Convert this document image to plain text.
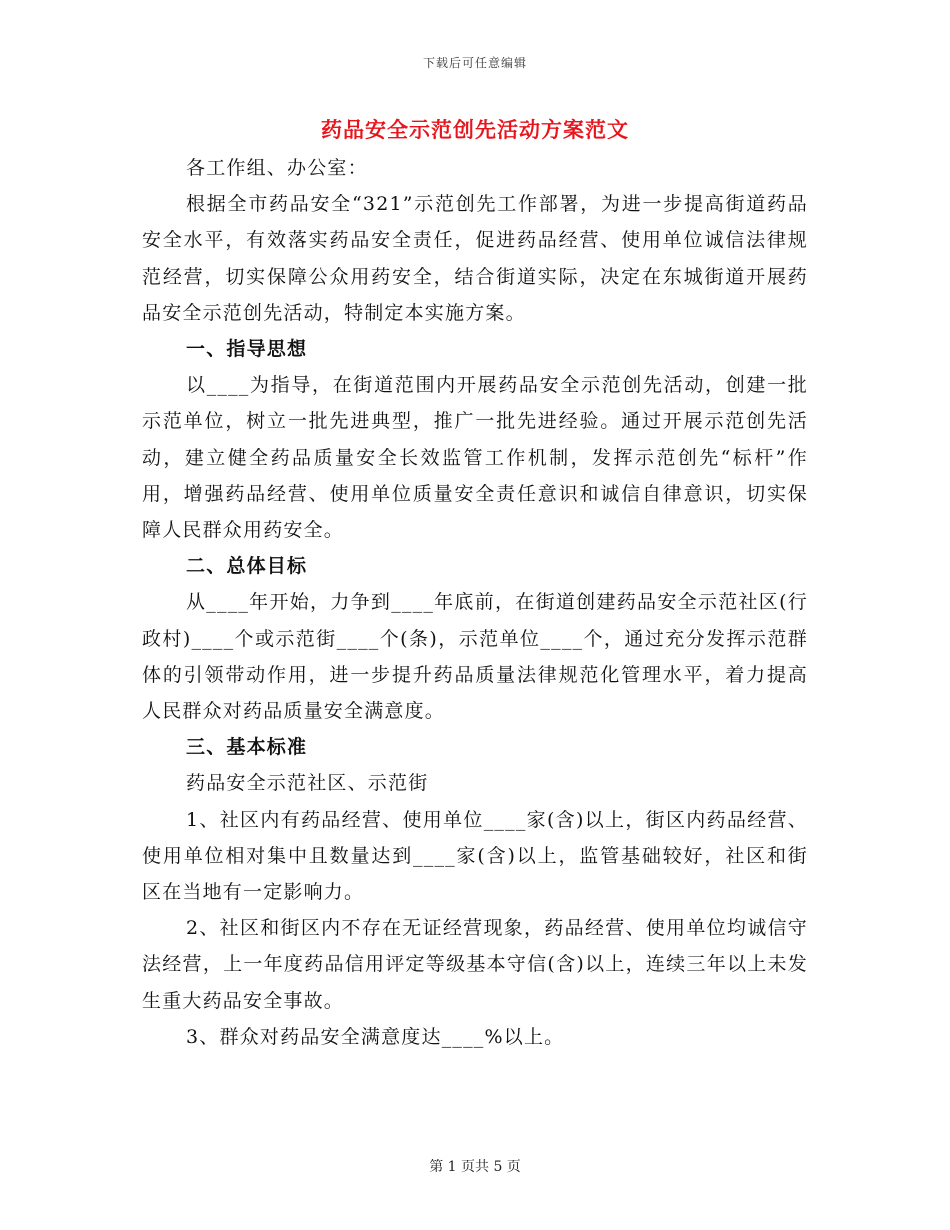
下载后可任意编辑
药品安全示范创先活动方案范文

各工作组、办公室：

根据全市药品安全“321”示范创先工作部署，为进一步提高街道药品安全水平，有效落实药品安全责任，促进药品经营、使用单位诚信法律规范经营，切实保障公众用药安全，结合街道实际，决定在东城街道开展药品安全示范创先活动，特制定本实施方案。

一、指导思想

以____为指导，在街道范围内开展药品安全示范创先活动，创建一批示范单位，树立一批先进典型，推广一批先进经验。通过开展示范创先活动，建立健全药品质量安全长效监管工作机制，发挥示范创先“标杆”作用，增强药品经营、使用单位质量安全责任意识和诚信自律意识，切实保障人民群众用药安全。

二、总体目标

从____年开始，力争到____年底前，在街道创建药品安全示范社区(行政村)____个或示范街____个(条)，示范单位____个，通过充分发挥示范群体的引领带动作用，进一步提升药品质量法律规范化管理水平，着力提高人民群众对药品质量安全满意度。

三、基本标准

药品安全示范社区、示范街

1、社区内有药品经营、使用单位____家(含)以上，街区内药品经营、使用单位相对集中且数量达到____家(含)以上，监管基础较好，社区和街区在当地有一定影响力。

2、社区和街区内不存在无证经营现象，药品经营、使用单位均诚信守法经营，上一年度药品信用评定等级基本守信(含)以上，连续三年以上未发生重大药品安全事故。

3、群众对药品安全满意度达____%以上。

第 1 页共 5 页
